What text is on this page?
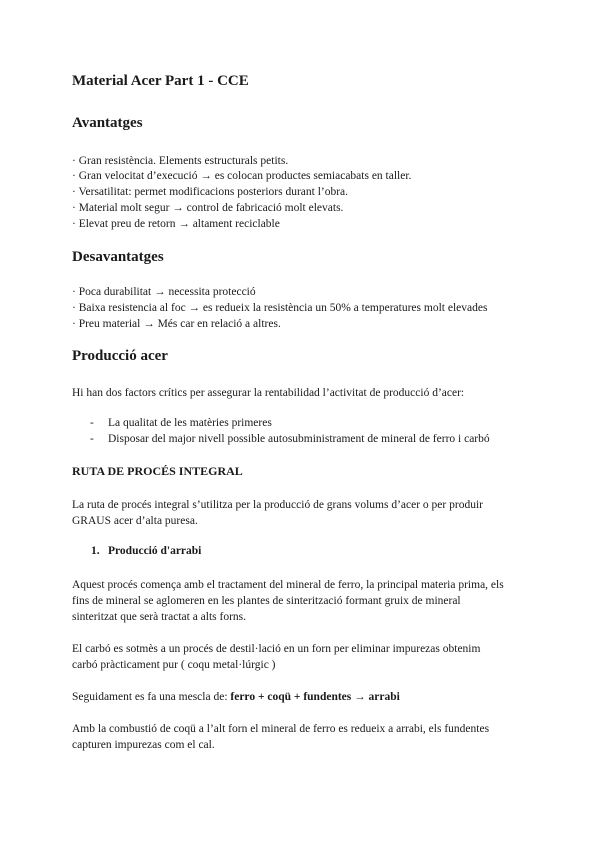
Material Acer Part 1 - CCE
Avantatges
· Gran resistència. Elements estructurals petits.
· Gran velocitat d’execució → es colocan productes semiacabats en taller.
· Versatilitat: permet modificacions posteriors durant l’obra.
· Material molt segur → control de fabricació molt elevats.
· Elevat preu de retorn → altament reciclable
Desavantatges
· Poca durabilitat → necessita protecció
· Baixa resistencia al foc → es redueix la resistència un 50% a temperatures molt elevades
· Preu material → Més car en relació a altres.
Producció acer
Hi han dos factors crítics per assegurar la rentabilidad l’activitat de producció d’acer:
- La qualitat de les matèries primeres
- Disposar del major nivell possible autosubministrament de mineral de ferro i carbó
RUTA DE PROCÉS INTEGRAL
La ruta de procés integral s’utilitza per la producció de grans volums d’acer o per produir
GRAUS acer d’alta puresa.
1. Producció d'arrabi
Aquest procés comença amb el tractament del mineral de ferro, la principal materia prima, els
fins de mineral se aglomeren en les plantes de sinterització formant gruix de mineral
sinteritzat que serà tractat a alts forns.
El carbó es sotmès a un procés de destil·lació en un forn per eliminar impurezas obtenim
carbó pràcticament pur ( coqu metal·lúrgic )
Seguidament es fa una mescla de: ferro + coqü + fundentes → arrabi
Amb la combustió de coqü a l’alt forn el mineral de ferro es redueix a arrabi, els fundentes
capturen impurezas com el cal.
